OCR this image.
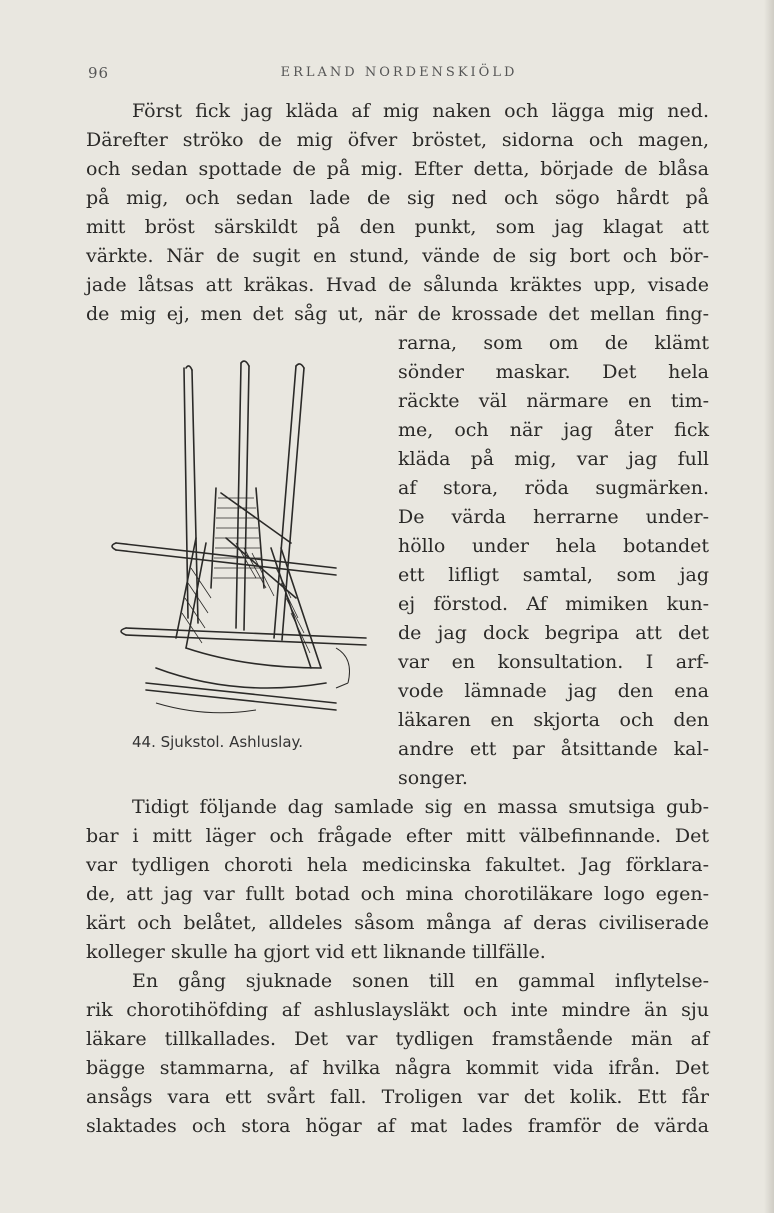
96	ERLAND NORDENSKIÖLD
Först fick jag kläda af mig naken och lägga mig ned.
Därefter ströko de mig öfver bröstet, sidorna och magen,
och sedan spottade de på mig. Efter detta, började de blåsa
på mig, och sedan lade de sig ned och sögo hårdt på
mitt bröst särskildt på den punkt, som jag klagat att
värkte. När de sugit en stund, vände de sig bort och bör-
jade låtsas att kräkas. Hvad de sålunda kräktes upp, visade
de mig ej, men det såg ut, när de krossade det mellan fing-
44. Sjukstol. Ashluslay.
rarna, som om de klämt
sönder maskar. Det hela
räckte väl närmare en tim-
me, och när jag åter fick
kläda på mig, var jag full
af stora, röda sugmärken.
De värda herrarne under-
höllo under hela botandet
ett lifligt samtal, som jag
ej förstod. Af mimiken kun-
de jag dock begripa att det
var en konsultation. I arf-
vode lämnade jag den ena
läkaren en skjorta och den
andre ett par åtsittande kal-
songer.
Tidigt följande dag samlade sig en massa smutsiga gub-
bar i mitt läger och frågade efter mitt välbefinnande. Det
var tydligen choroti hela medicinska fakultet. Jag förklara-
de, att jag var fullt botad och mina chorotiläkare logo egen-
kärt och belåtet, alldeles såsom många af deras civiliserade
kolleger skulle ha gjort vid ett liknande tillfälle.
En gång sjuknade sonen till en gammal inflytelse-
rik chorotihöfding af ashluslaysläkt och inte mindre än sju
läkare tillkallades. Det var tydligen framstående män af
bägge stammarna, af hvilka några kommit vida ifrån. Det
ansågs vara ett svårt fall. Troligen var det kolik. Ett får
slaktades och stora högar af mat lades framför de värda
